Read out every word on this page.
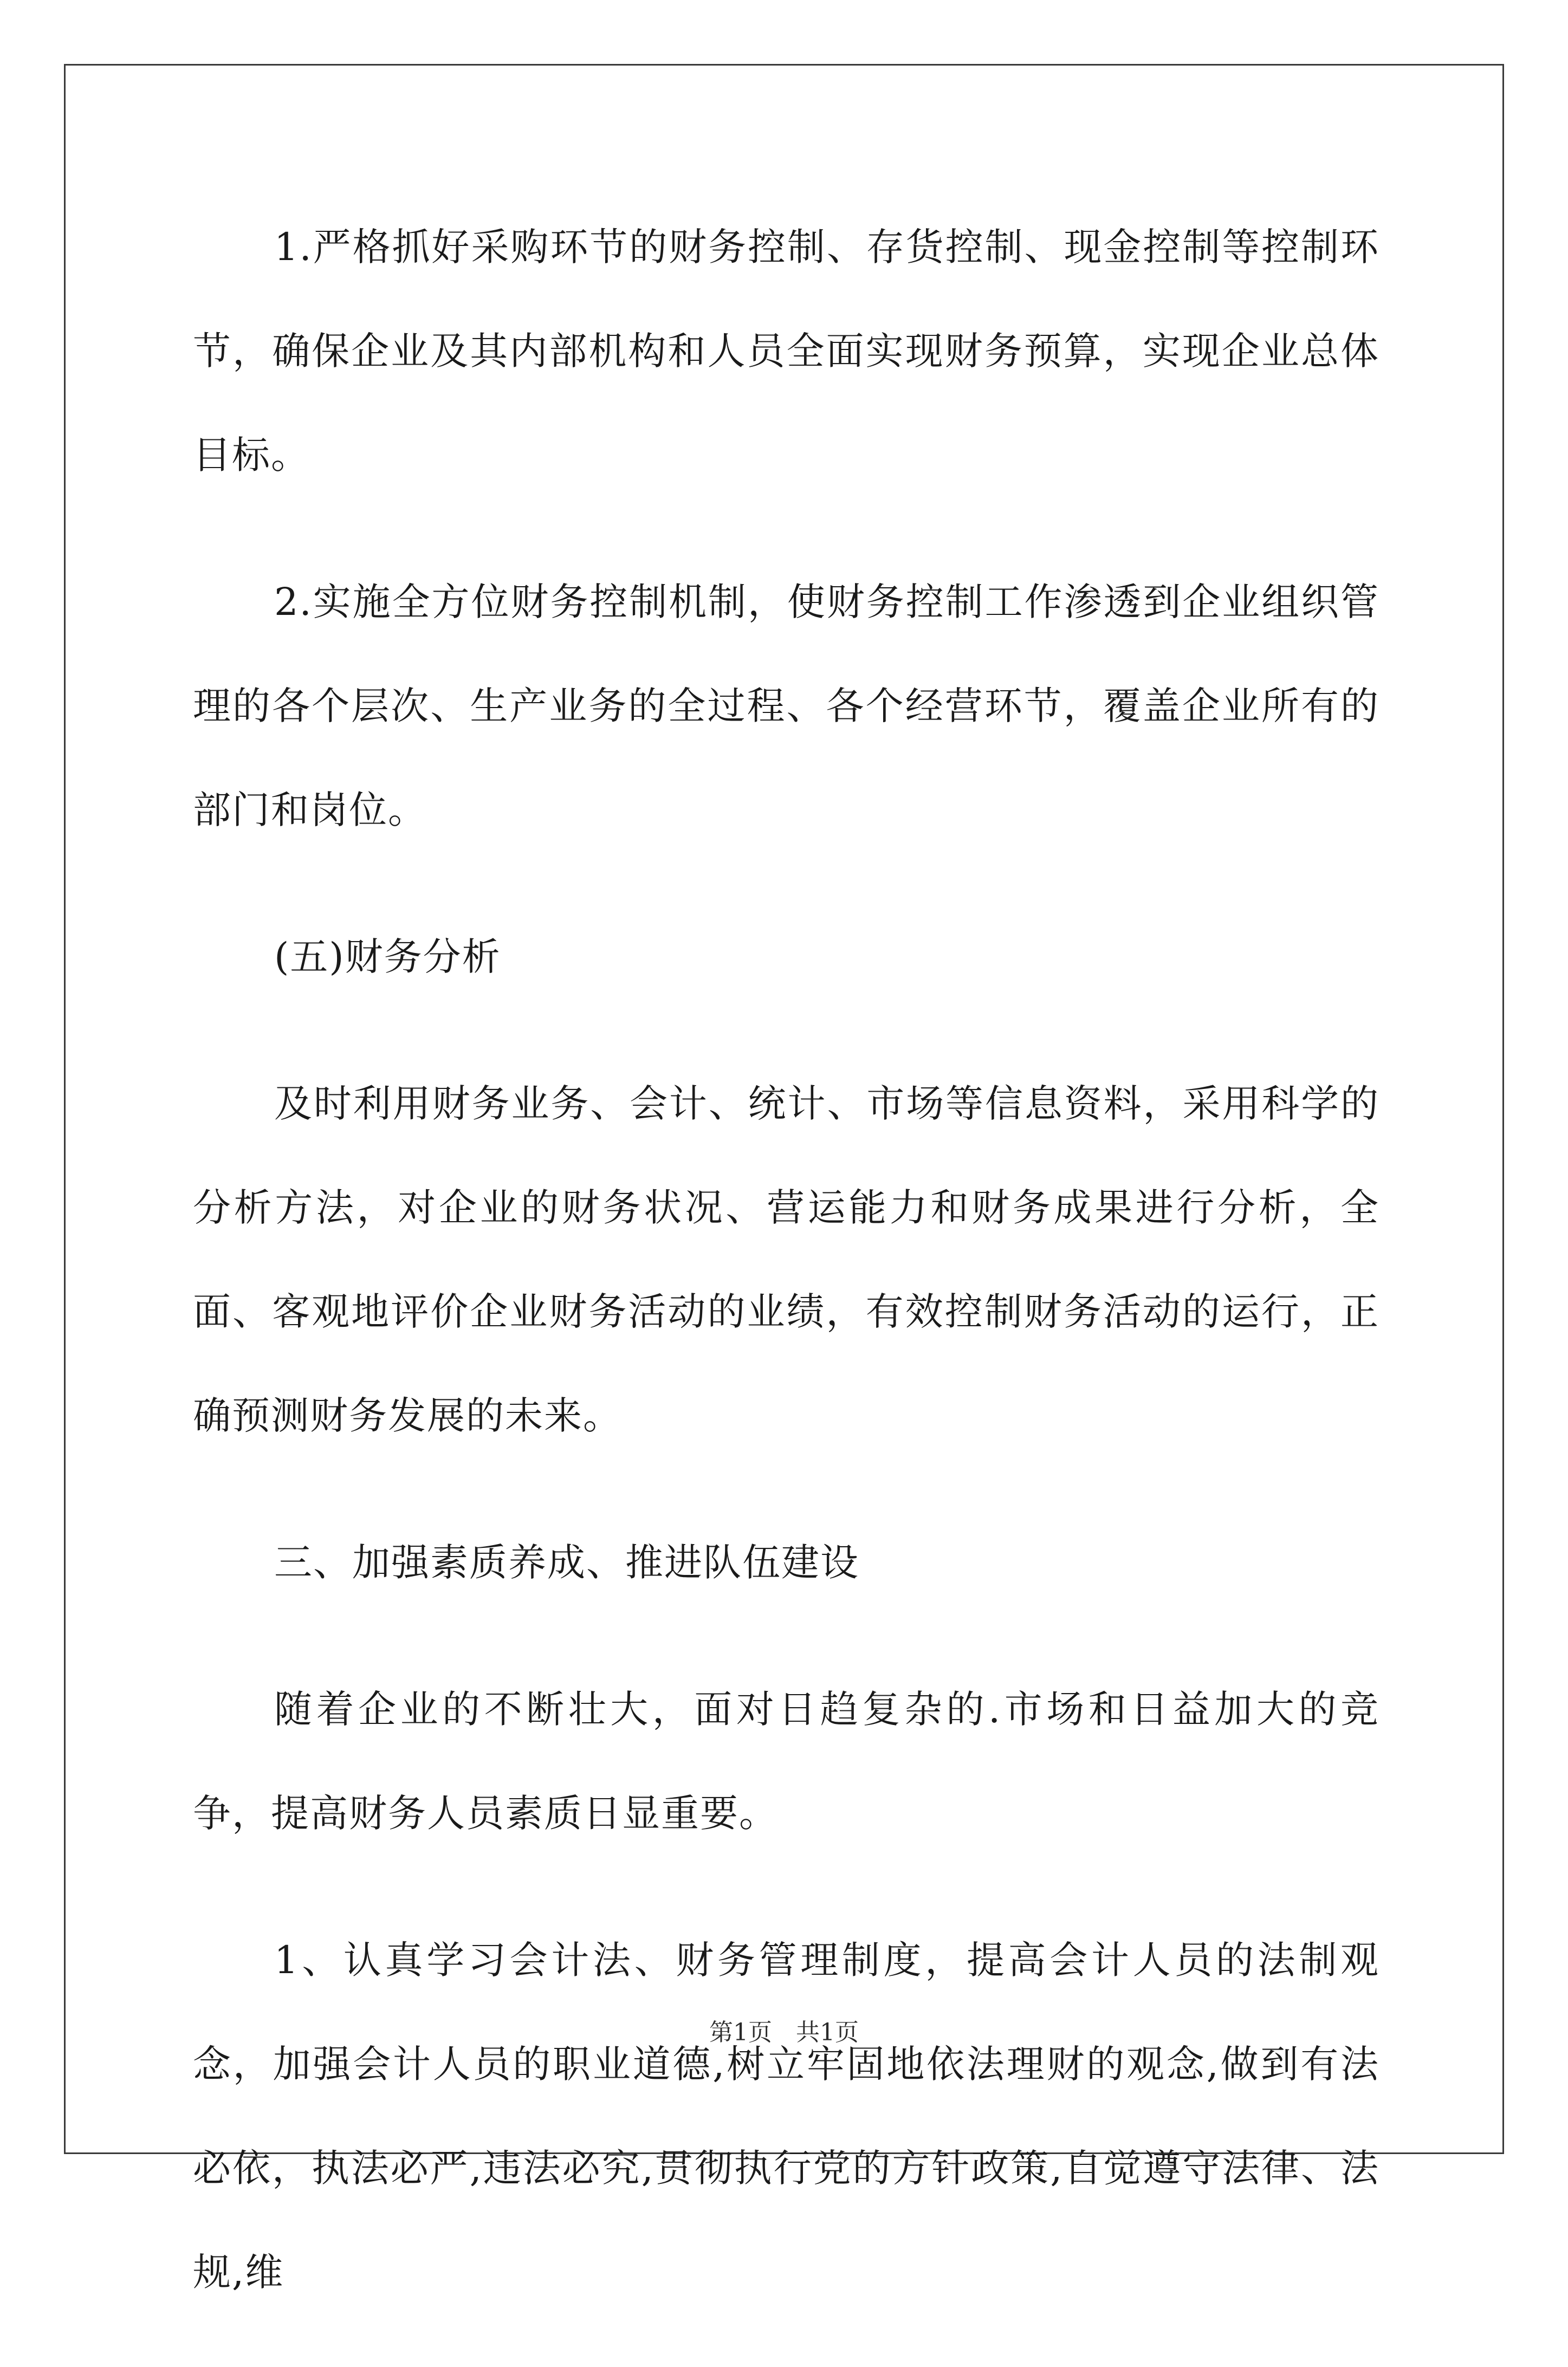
1.严格抓好采购环节的财务控制、存货控制、现金控制等控制环节，确保企业及其内部机构和人员全面实现财务预算，实现企业总体目标。

2.实施全方位财务控制机制，使财务控制工作渗透到企业组织管理的各个层次、生产业务的全过程、各个经营环节，覆盖企业所有的部门和岗位。

(五)财务分析

及时利用财务业务、会计、统计、市场等信息资料，采用科学的分析方法，对企业的财务状况、营运能力和财务成果进行分析，全面、客观地评价企业财务活动的业绩，有效控制财务活动的运行，正确预测财务发展的未来。

三、加强素质养成、推进队伍建设

随着企业的不断壮大，面对日趋复杂的.市场和日益加大的竞争，提高财务人员素质日显重要。

1、认真学习会计法、财务管理制度，提高会计人员的法制观念，加强会计人员的职业道德,树立牢固地依法理财的观念,做到有法必依，执法必严,违法必究,贯彻执行党的方针政策,自觉遵守法律、法规,维

第1页 共1页
